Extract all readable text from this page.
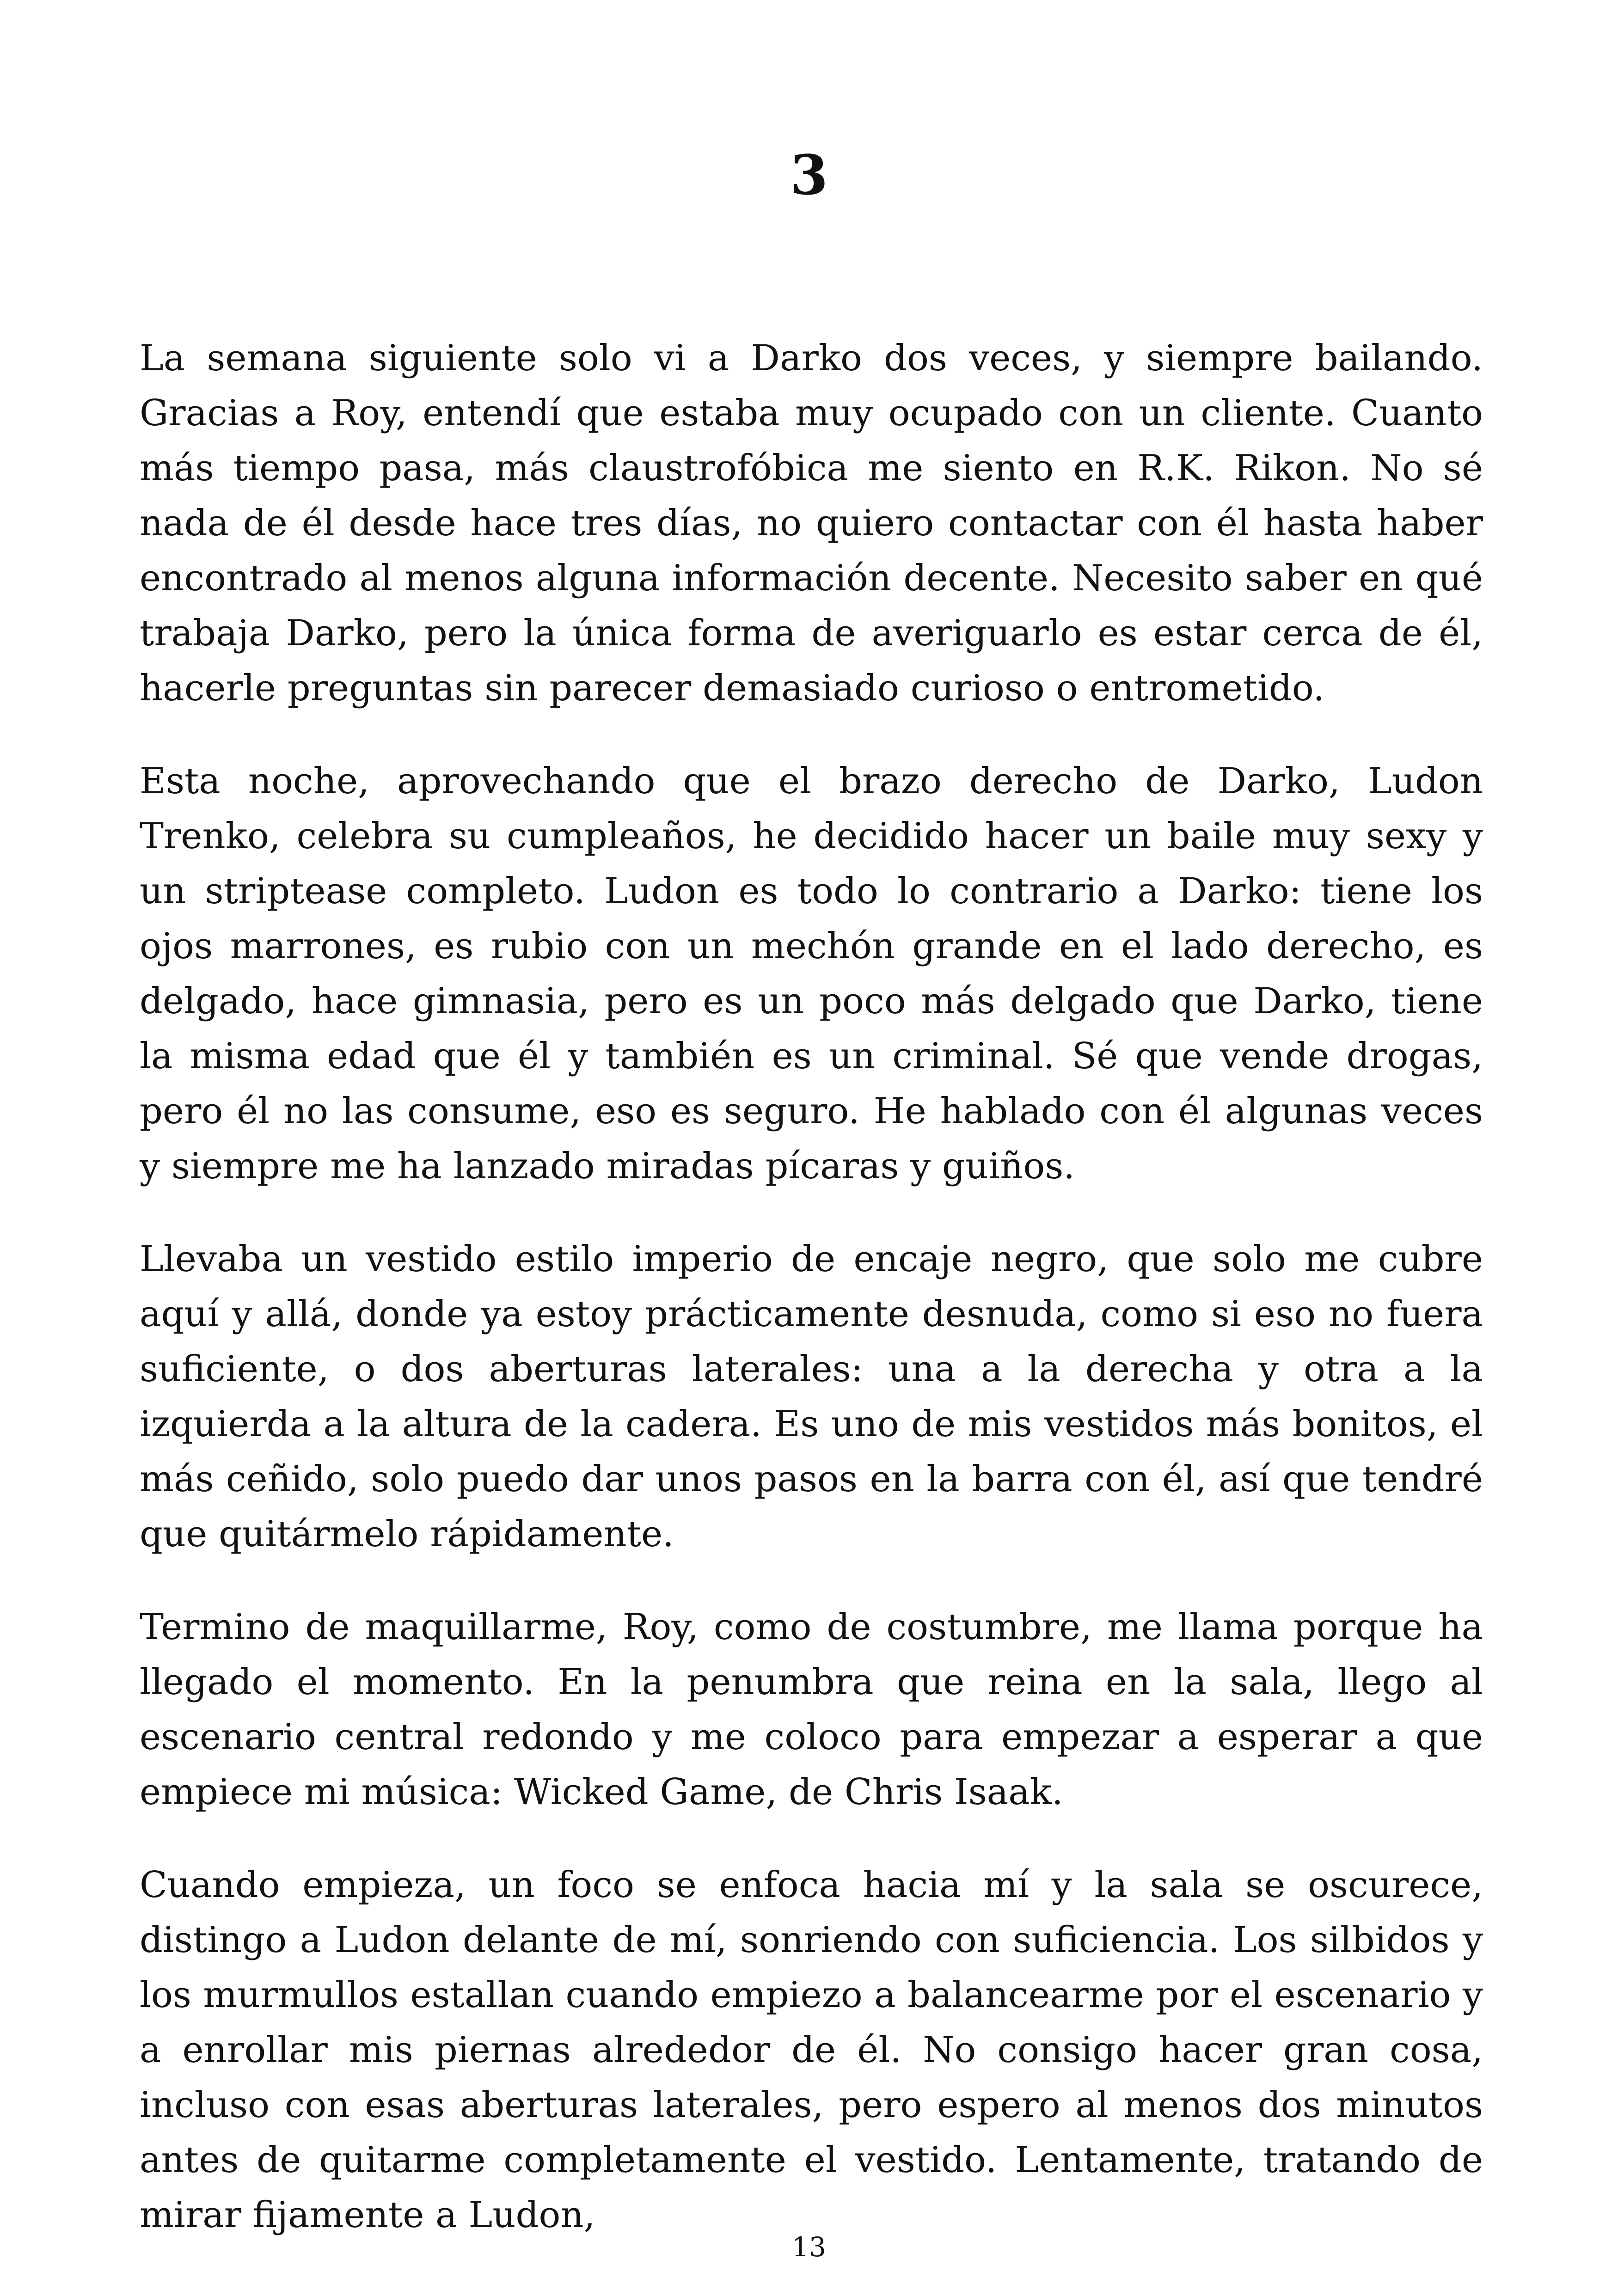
3

La semana siguiente solo vi a Darko dos veces, y siempre bailando. Gracias a Roy, entendí que estaba muy ocupado con un cliente. Cuanto más tiempo pasa, más claustrofóbica me siento en R.K. Rikon. No sé nada de él desde hace tres días, no quiero contactar con él hasta haber encontrado al menos alguna información decente. Necesito saber en qué trabaja Darko, pero la única forma de averiguarlo es estar cerca de él, hacerle preguntas sin parecer demasiado curioso o entrometido.

Esta noche, aprovechando que el brazo derecho de Darko, Ludon Trenko, celebra su cumpleaños, he decidido hacer un baile muy sexy y un striptease completo. Ludon es todo lo contrario a Darko: tiene los ojos marrones, es rubio con un mechón grande en el lado derecho, es delgado, hace gimnasia, pero es un poco más delgado que Darko, tiene la misma edad que él y también es un criminal. Sé que vende drogas, pero él no las consume, eso es seguro. He hablado con él algunas veces y siempre me ha lanzado miradas pícaras y guiños.

Llevaba un vestido estilo imperio de encaje negro, que solo me cubre aquí y allá, donde ya estoy prácticamente desnuda, como si eso no fuera suficiente, o dos aberturas laterales: una a la derecha y otra a la izquierda a la altura de la cadera. Es uno de mis vestidos más bonitos, el más ceñido, solo puedo dar unos pasos en la barra con él, así que tendré que quitármelo rápidamente.

Termino de maquillarme, Roy, como de costumbre, me llama porque ha llegado el momento. En la penumbra que reina en la sala, llego al escenario central redondo y me coloco para empezar a esperar a que empiece mi música: Wicked Game, de Chris Isaak.

Cuando empieza, un foco se enfoca hacia mí y la sala se oscurece, distingo a Ludon delante de mí, sonriendo con suficiencia. Los silbidos y los murmullos estallan cuando empiezo a balancearme por el escenario y a enrollar mis piernas alrededor de él. No consigo hacer gran cosa, incluso con esas aberturas laterales, pero espero al menos dos minutos antes de quitarme completamente el vestido. Lentamente, tratando de mirar fijamente a Ludon,

13
